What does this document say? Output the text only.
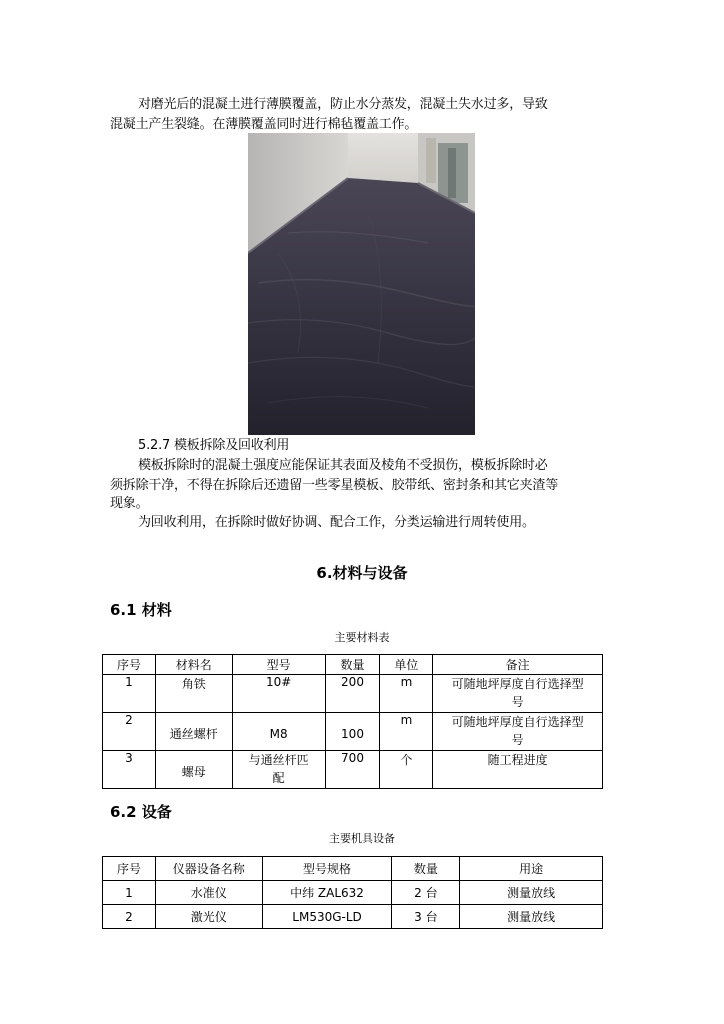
对磨光后的混凝土进行薄膜覆盖，防止水分蒸发，混凝土失水过多，导致
混凝土产生裂缝。在薄膜覆盖同时进行棉毡覆盖工作。
5.2.7 模板拆除及回收利用
模板拆除时的混凝土强度应能保证其表面及棱角不受损伤，模板拆除时必
须拆除干净，不得在拆除后还遗留一些零星模板、胶带纸、密封条和其它夹渣等
现象。
为回收利用，在拆除时做好协调、配合工作，分类运输进行周转使用。
6.材料与设备
6.1 材料
主要材料表
序号	材料名	型号	数量	单位	备注
1	角铁	10#	200	m	可随地坪厚度自行选择型
号

2	通丝螺杆	M8	100	m	可随地坪厚度自行选择型
号

3	螺母	与通丝杆匹
配	700	个	随工程进度
6.2 设备
主要机具设备
序号	仪器设备名称	型号规格	数量	用途
1	水准仪	中纬 ZAL632	2 台	测量放线
2	激光仪	LM530G-LD	3 台	测量放线
